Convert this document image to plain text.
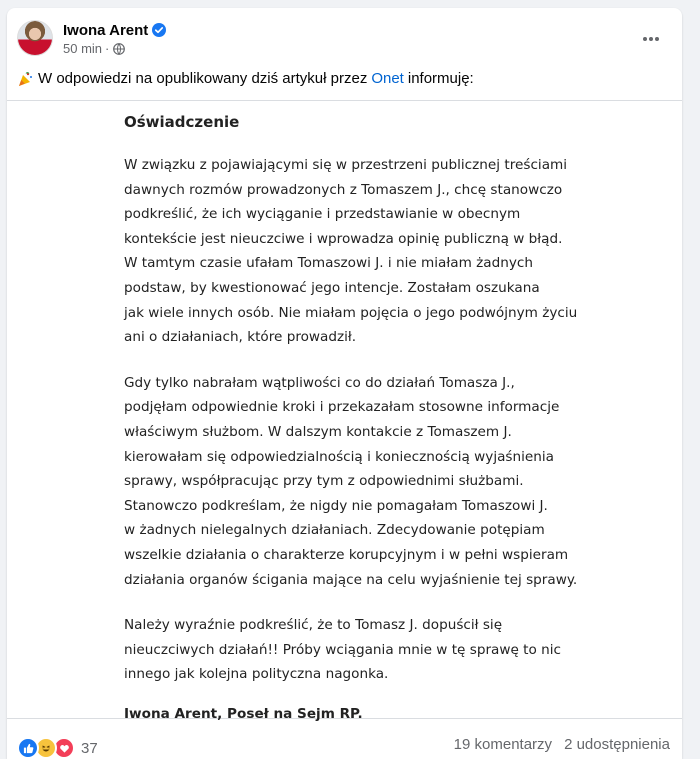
Iwona Arent
50 min ·
W odpowiedzi na opublikowany dziś artykuł przez Onet informuję:
Oświadczenie
W związku z pojawiającymi się w przestrzeni publicznej treściami
dawnych rozmów prowadzonych z Tomaszem J., chcę stanowczo
podkreślić, że ich wyciąganie i przedstawianie w obecnym
kontekście jest nieuczciwe i wprowadza opinię publiczną w błąd.
W tamtym czasie ufałam Tomaszowi J. i nie miałam żadnych
podstaw, by kwestionować jego intencje. Zostałam oszukana
jak wiele innych osób. Nie miałam pojęcia o jego podwójnym życiu
ani o działaniach, które prowadził.
Gdy tylko nabrałam wątpliwości co do działań Tomasza J.,
podjęłam odpowiednie kroki i przekazałam stosowne informacje
właściwym służbom. W dalszym kontakcie z Tomaszem J.
kierowałam się odpowiedzialnością i koniecznością wyjaśnienia
sprawy, współpracując przy tym z odpowiednimi służbami.
Stanowczo podkreślam, że nigdy nie pomagałam Tomaszowi J.
w żadnych nielegalnych działaniach. Zdecydowanie potępiam
wszelkie działania o charakterze korupcyjnym i w pełni wspieram
działania organów ścigania mające na celu wyjaśnienie tej sprawy.
Należy wyraźnie podkreślić, że to Tomasz J. dopuścił się
nieuczciwych działań!! Próby wciągania mnie w tę sprawę to nic
innego jak kolejna polityczna nagonka.
Iwona Arent, Poseł na Sejm RP.
37	19 komentarzy 2 udostępnienia
